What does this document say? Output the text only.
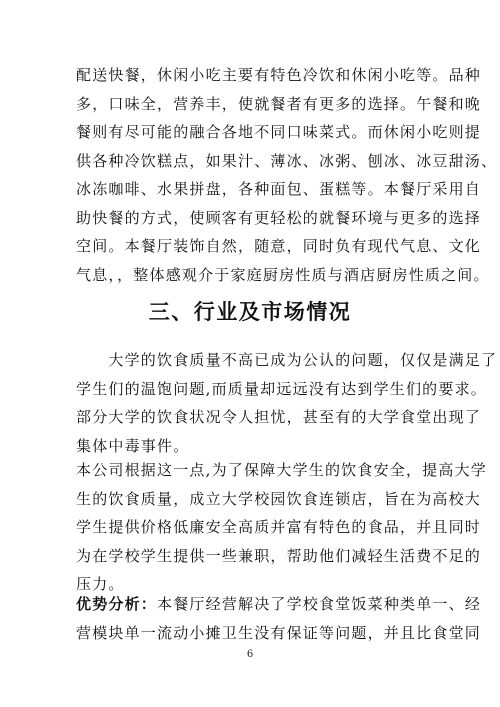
配送快餐，休闲小吃主要有特色冷饮和休闲小吃等。品种
多，口味全，营养丰，使就餐者有更多的选择。午餐和晚
餐则有尽可能的融合各地不同口味菜式。而休闲小吃则提
供各种冷饮糕点，如果汁、薄冰、冰粥、刨冰、冰豆甜汤、
冰冻咖啡、水果拼盘，各种面包、蛋糕等。本餐厅采用自
助快餐的方式，使顾客有更轻松的就餐环境与更多的选择
空间。本餐厅装饰自然，随意，同时负有现代气息、文化
气息，，整体感观介于家庭厨房性质与酒店厨房性质之间。
三、行业及市场情况
　　大学的饮食质量不高已成为公认的问题，仅仅是满足了
学生们的温饱问题,而质量却远远没有达到学生们的要求。
部分大学的饮食状况令人担忧，甚至有的大学食堂出现了
集体中毒事件。
本公司根据这一点,为了保障大学生的饮食安全，提高大学
生的饮食质量，成立大学校园饮食连锁店，旨在为高校大
学生提供价格低廉安全高质并富有特色的食品，并且同时
为在学校学生提供一些兼职，帮助他们减轻生活费不足的
压力。
优势分析：本餐厅经营解决了学校食堂饭菜种类单一、经
营模块单一流动小摊卫生没有保证等问题，并且比食堂同
6
